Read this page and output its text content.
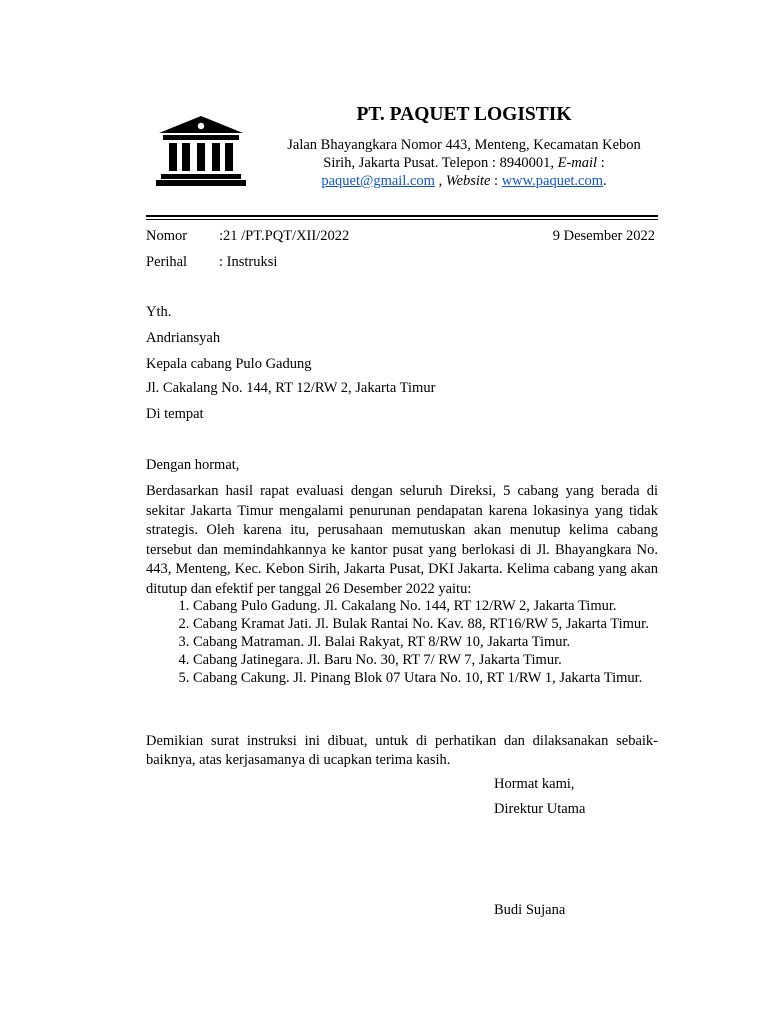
PT. PAQUET LOGISTIK
Jalan Bhayangkara Nomor 443, Menteng, Kecamatan Kebon Sirih, Jakarta Pusat. Telepon : 8940001, E-mail : paquet@gmail.com , Website : www.paquet.com.
Nomor :21 /PT.PQT/XII/2022	9 Desember 2022
Perihal : Instruksi
Yth.
Andriansyah
Kepala cabang Pulo Gadung
Jl. Cakalang No. 144, RT 12/RW 2, Jakarta Timur
Di tempat
Dengan hormat,
Berdasarkan hasil rapat evaluasi dengan seluruh Direksi, 5 cabang yang berada di sekitar Jakarta Timur mengalami penurunan pendapatan karena lokasinya yang tidak strategis. Oleh karena itu, perusahaan memutuskan akan menutup kelima cabang tersebut dan memindahkannya ke kantor pusat yang berlokasi di Jl. Bhayangkara No. 443, Menteng, Kec. Kebon Sirih, Jakarta Pusat, DKI Jakarta. Kelima cabang yang akan ditutup dan efektif per tanggal 26 Desember 2022 yaitu:
1. Cabang Pulo Gadung. Jl. Cakalang No. 144, RT 12/RW 2, Jakarta Timur.
2. Cabang Kramat Jati. Jl. Bulak Rantai No. Kav. 88, RT16/RW 5, Jakarta Timur.
3. Cabang Matraman. Jl. Balai Rakyat, RT 8/RW 10, Jakarta Timur.
4. Cabang Jatinegara. Jl. Baru No. 30, RT 7/ RW 7, Jakarta Timur.
5. Cabang Cakung. Jl. Pinang Blok 07 Utara No. 10, RT 1/RW 1, Jakarta Timur.
Demikian surat instruksi ini dibuat, untuk di perhatikan dan dilaksanakan sebaik-baiknya, atas kerjasamanya di ucapkan terima kasih.
Hormat kami,
Direktur Utama
Budi Sujana
